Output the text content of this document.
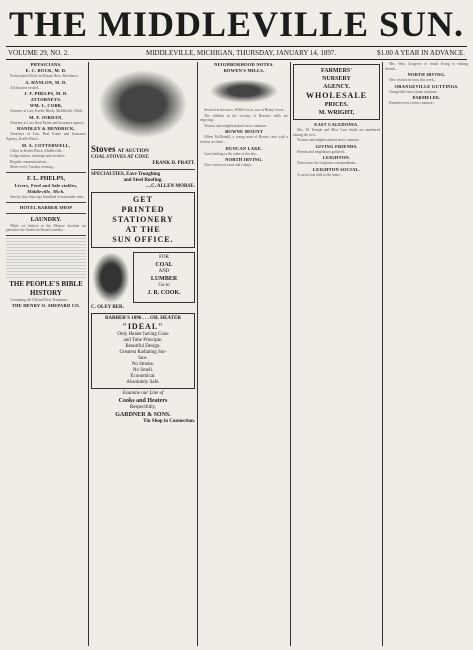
THE MIDDLEVILLE SUN.
VOLUME 29, NO. 2.	MIDDLEVILLE, MICHIGAN, THURSDAY, JANUARY 14, 1897.	$1.00 A YEAR IN ADVANCE.
PHYSICIANS.
E. C. ROCK, M. D.

Professional Office in Bottom Bros. Residence...

A. HANLON, M. D.

All diseases treated...

J. F. PHELPS, M. D.
ATTORNEYS.
WM. L. COBB,

Attorney at Law, Keeler Block, Middleville, Mich.

M. F. JORDAN,

Attorney at Law, Real Estate and Insurance agency...

HANDLEY & HENDRICK,

Attorneys at Law, Real Estate and Insurance Agency, Keeler Block...

M. A. COTTERWELL,

Office in Keeler Block, Middleville...

Lodge notices, meetings and societies...

Regular communications...

Meets every Tuesday evening...

F. L. PHELPS,
Livery, Feed and Sale stables,
Middleville, Mich.

Strictly first-class rigs furnished at reasonable rates.

HOTEL BARBER SHOP
LAUNDRY.

While we believe in the Monroe doctrine we patronize the American Steam Laundry...

THE PEOPLE'S BIBLE HISTORY

Containing the Old and New Testament...

THE HENRY O. SHEPARD CO.
Stoves AT AUCTION
COAL STOVES AT COST.
FRANK D. PRATT.
SPECIALTIES, Eave Troughing
and Steel Roofing.
....C. ALLEN MORSE.
GET
PRINTED
STATIONERY
AT THE
SUN OFFICE.
FOR
COAL
AND
LUMBER
Go to
J. R. COOK.
C. OLEY BER.
BARBER'S 1896 . . . OIL HEATER
"IDEAL"
Only Heater having Cone
and Tube Principle.
Beautiful Design.
Greatest Radiating Sur-
face.
No Smoke.
No Smell.
Economical.
Absolutely Safe.
Examine our Line of
Cooks and Heaters
Respectfully,
GARDNER & SONS.
Tin Shop in Connection.
NEIGHBORHOOD NOTES.
BOWEN'S MILLS.

Secured in the news. Willie Lewis, son of Henry Lewis...

The children in the vicinity of Bowen's mills are enjoying...

Visitors and neighbourhood news continue...

BOWNE MOUNT

Albert McDonald, a young man of Bowne, met with a serious accident...

DUNCAN LAKE.

Corn husking is the order of the day...

NORTH IRVING.

Now visitors in town and county...

FARMERS'
NURSERY
AGENCY.
WHOLESALE
PRICES.
M. WRIGHT,
EAST CALEDONIA.

Mrs. M. Temple and Miss Cora Smith are numbered among the sick...

Visitors and neighbourhood news continue...

GIVING FRIENDS.

Friends and neighbours gathered...

LEIGHTON.

Notes from the Leighton correspondents...

LEIGHTON SOCIAL.

A social was held at the home...

Mrs. Wm. Cosgrove of South Irving is visiting friends...

NORTH IRVING.

New visitors in town this week...

ORANGEVILLE GUTTINGS.

Orangeville news items continue...

PARMELEE.

Parmelee news items continue...
